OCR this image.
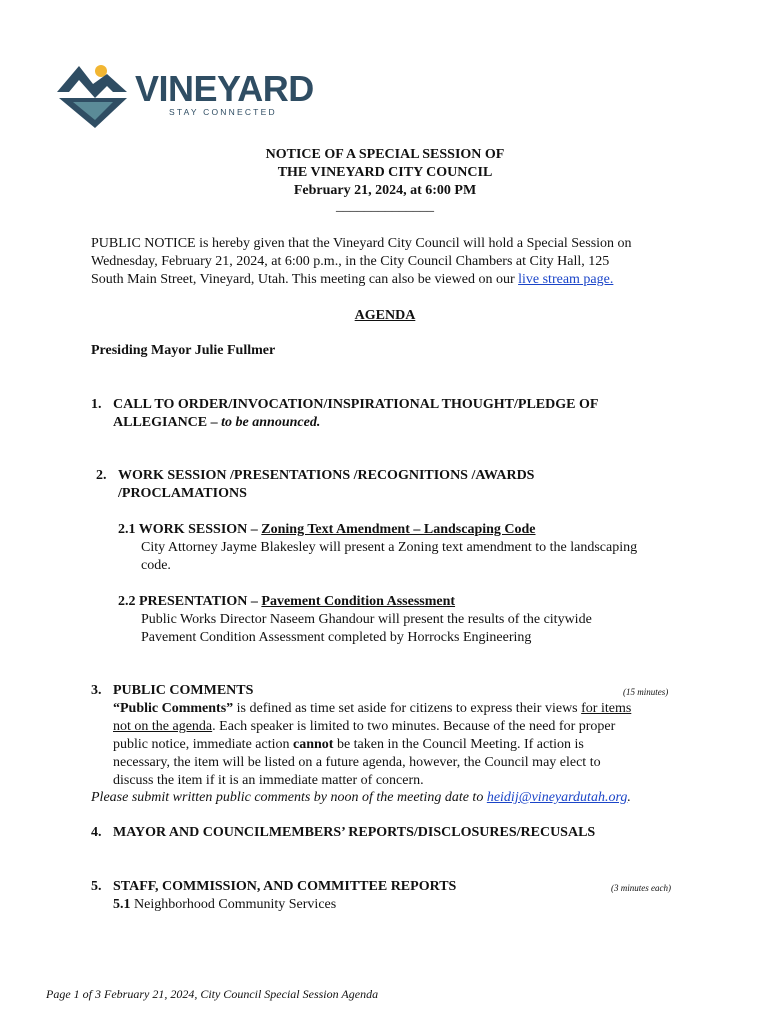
VINEYARD
STAY CONNECTED
NOTICE OF A SPECIAL SESSION OF
THE VINEYARD CITY COUNCIL
February 21, 2024, at 6:00 PM
______________
PUBLIC NOTICE is hereby given that the Vineyard City Council will hold a Special Session on
Wednesday, February 21, 2024, at 6:00 p.m., in the City Council Chambers at City Hall, 125
South Main Street, Vineyard, Utah. This meeting can also be viewed on our live stream page.
AGENDA
Presiding Mayor Julie Fullmer
1. CALL TO ORDER/INVOCATION/INSPIRATIONAL THOUGHT/PLEDGE OF
ALLEGIANCE – to be announced.
2. WORK SESSION /PRESENTATIONS /RECOGNITIONS /AWARDS
/PROCLAMATIONS
2.1 WORK SESSION – Zoning Text Amendment – Landscaping Code
City Attorney Jayme Blakesley will present a Zoning text amendment to the landscaping
code.
2.2 PRESENTATION – Pavement Condition Assessment
Public Works Director Naseem Ghandour will present the results of the citywide
Pavement Condition Assessment completed by Horrocks Engineering
3. PUBLIC COMMENTS	(15 minutes)
“Public Comments” is defined as time set aside for citizens to express their views for items
not on the agenda. Each speaker is limited to two minutes. Because of the need for proper
public notice, immediate action cannot be taken in the Council Meeting. If action is
necessary, the item will be listed on a future agenda, however, the Council may elect to
discuss the item if it is an immediate matter of concern.
Please submit written public comments by noon of the meeting date to heidij@vineyardutah.org.
4. MAYOR AND COUNCILMEMBERS’ REPORTS/DISCLOSURES/RECUSALS
5. STAFF, COMMISSION, AND COMMITTEE REPORTS	(3 minutes each)
5.1 Neighborhood Community Services
Page 1 of 3 February 21, 2024, City Council Special Session Agenda
